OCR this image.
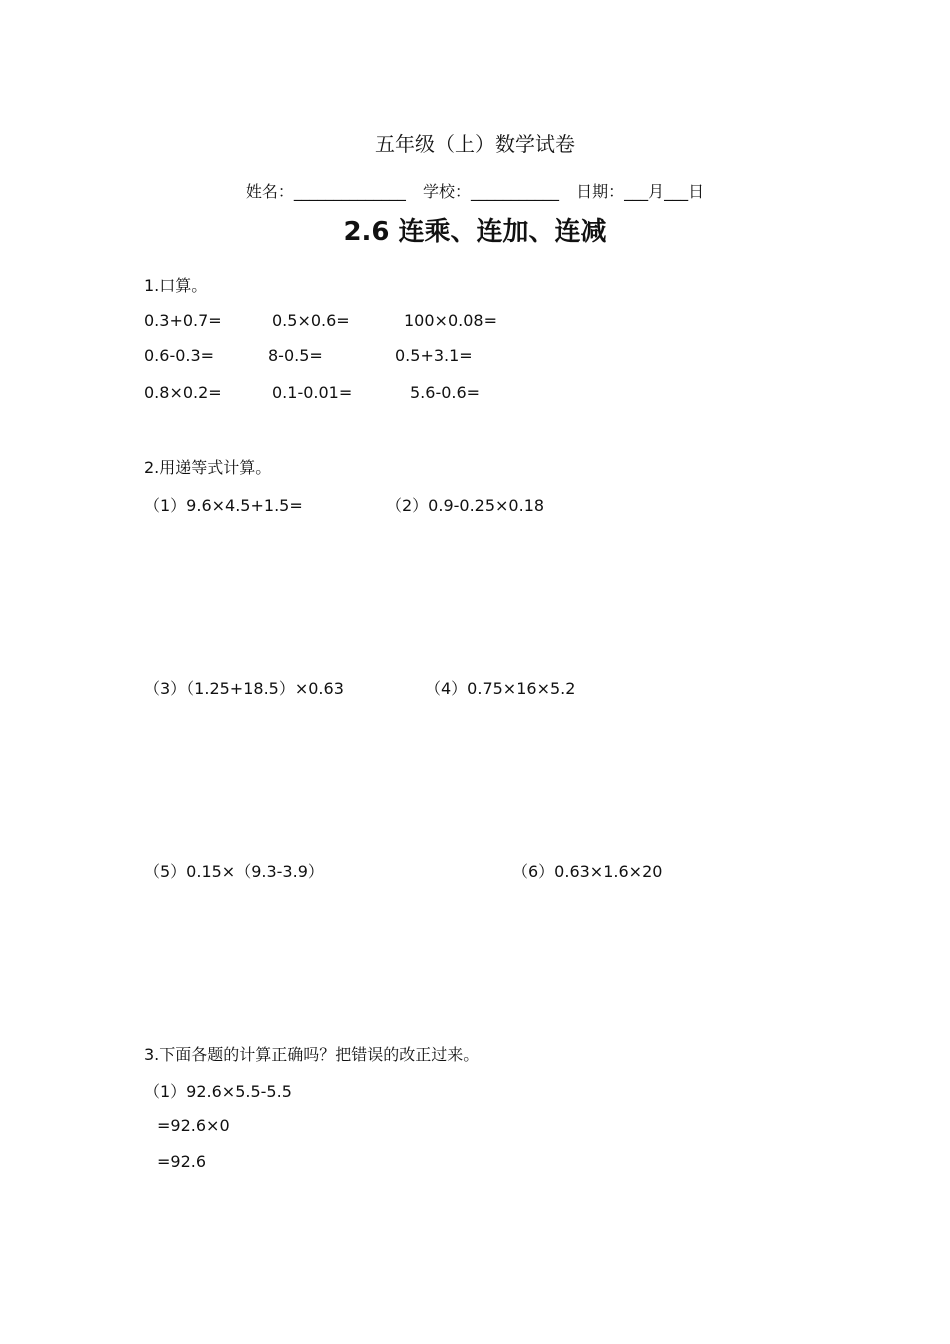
五年级（上）数学试卷
姓名：______________ 学校：___________ 日期：___月___日
2.6 连乘、连加、连减
1.口算。
0.3+0.7=	0.5×0.6=	100×0.08=
0.6-0.3=	8-0.5=	0.5+3.1=
0.8×0.2=	0.1-0.01=	5.6-0.6=
2.用递等式计算。
（1）9.6×4.5+1.5=	（2）0.9-0.25×0.18
（3）（1.25+18.5）×0.63	（4）0.75×16×5.2
（5）0.15×（9.3-3.9）	（6）0.63×1.6×20
3.下面各题的计算正确吗？把错误的改正过来。
（1）92.6×5.5-5.5
=92.6×0
=92.6
